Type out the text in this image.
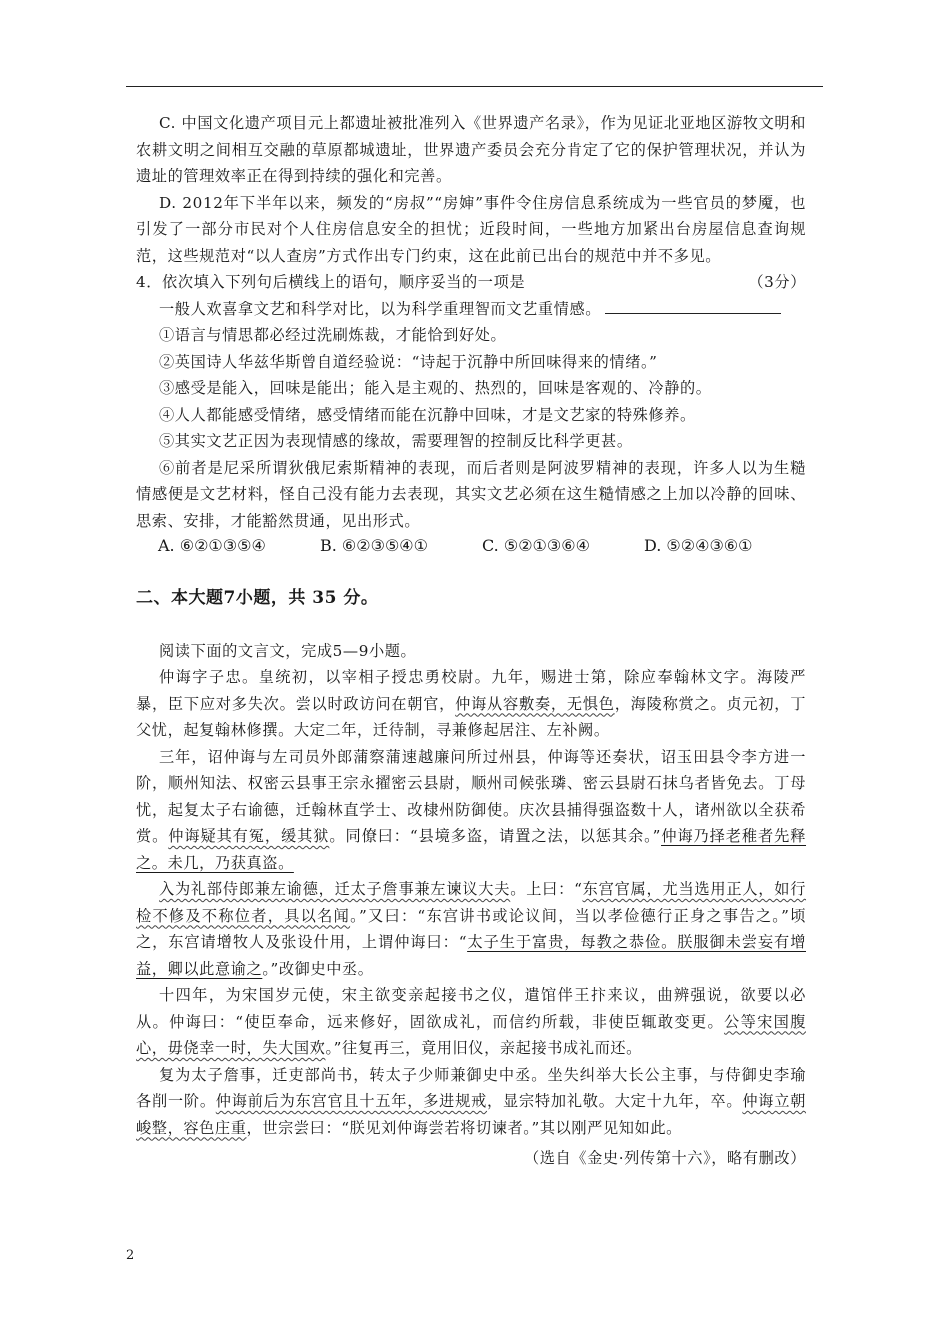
C. 中国文化遗产项目元上都遗址被批准列入《世界遗产名录》，作为见证北亚地区游牧文明和农耕文明之间相互交融的草原都城遗址，世界遗产委员会充分肯定了它的保护管理状况，并认为遗址的管理效率正在得到持续的强化和完善。

D. 2012年下半年以来，频发的“房叔”“房婶”事件令住房信息系统成为一些官员的梦魇，也引发了一部分市民对个人住房信息安全的担忧；近段时间，一些地方加紧出台房屋信息查询规范，这些规范对“以人查房”方式作出专门约束，这在此前已出台的规范中并不多见。

4．依次填入下列句后横线上的语句，顺序妥当的一项是	（3分）

一般人欢喜拿文艺和科学对比，以为科学重理智而文艺重情感。

①语言与情思都必经过洗刷炼裁，才能恰到好处。

②英国诗人华兹华斯曾自道经验说：“诗起于沉静中所回味得来的情绪。”

③感受是能入，回味是能出；能入是主观的、热烈的，回味是客观的、冷静的。

④人人都能感受情绪，感受情绪而能在沉静中回味，才是文艺家的特殊修养。

⑤其实文艺正因为表现情感的缘故，需要理智的控制反比科学更甚。

⑥前者是尼采所谓狄俄尼索斯精神的表现，而后者则是阿波罗精神的表现，许多人以为生糙情感便是文艺材料，怪自己没有能力去表现，其实文艺必须在这生糙情感之上加以冷静的回味、思索、安排，才能豁然贯通，见出形式。

A. ⑥②①③⑤④	B. ⑥②③⑤④①	C. ⑤②①③⑥④	D. ⑤②④③⑥①

二、本大题7小题，共 35 分。

阅读下面的文言文，完成5—9小题。

仲诲字子忠。皇统初，以宰相子授忠勇校尉。九年，赐进士第，除应奉翰林文字。海陵严暴，臣下应对多失次。尝以时政访问在朝官，仲诲从容敷奏，无惧色，海陵称赏之。贞元初，丁父忧，起复翰林修撰。大定二年，迁待制，寻兼修起居注、左补阙。

三年，诏仲诲与左司员外郎蒲察蒲速越廉问所过州县，仲诲等还奏状，诏玉田县令李方进一阶，顺州知法、权密云县事王宗永擢密云县尉，顺州司候张璘、密云县尉石抹乌者皆免去。丁母忧，起复太子右谕德，迁翰林直学士、改棣州防御使。庆次县捕得强盗数十人，诸州欲以全获希赏。仲诲疑其有冤，缓其狱。同僚曰：“县境多盗，请置之法，以惩其余。”仲诲乃择老稚者先释之。未几，乃获真盗。

入为礼部侍郎兼左谕德，迁太子詹事兼左谏议大夫。上曰：“东宫官属，尤当选用正人，如行检不修及不称位者，具以名闻。”又曰：“东宫讲书或论议间，当以孝俭德行正身之事告之。”顷之，东宫请增牧人及张设什用，上谓仲诲曰：“太子生于富贵，每教之恭俭。朕服御未尝妄有增益，卿以此意谕之。”改御史中丞。

十四年，为宋国岁元使，宋主欲变亲起接书之仪，遣馆伴王抃来议，曲辨强说，欲要以必从。仲诲曰：“使臣奉命，远来修好，固欲成礼，而信约所载，非使臣辄敢变更。公等宋国腹心，毋侥幸一时，失大国欢。”往复再三，竟用旧仪，亲起接书成礼而还。

复为太子詹事，迁吏部尚书，转太子少师兼御史中丞。坐失纠举大长公主事，与侍御史李瑜各削一阶。仲诲前后为东宫官且十五年，多进规戒，显宗特加礼敬。大定十九年，卒。仲诲立朝峻整，容色庄重，世宗尝曰：“朕见刘仲诲尝若将切谏者。”其以刚严见知如此。

（选自《金史·列传第十六》，略有删改）

2
